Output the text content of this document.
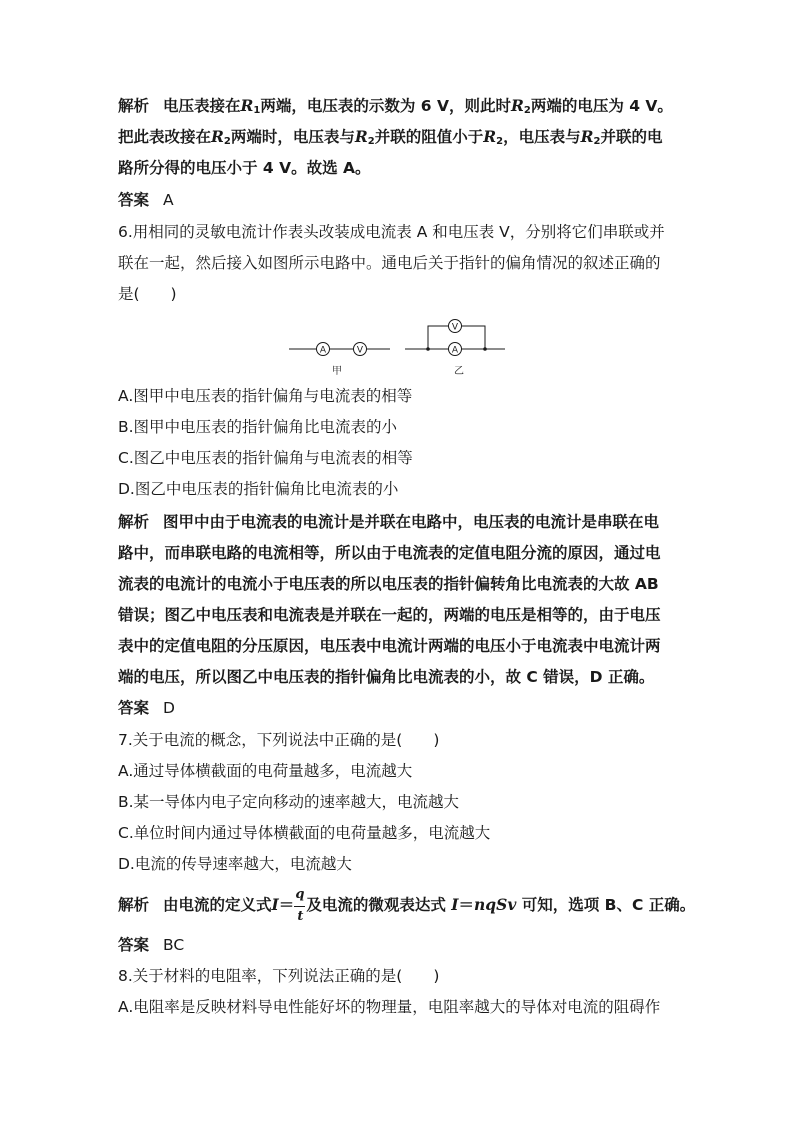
解析 电压表接在$R_1$两端，电压表的示数为 6 V，则此时$R_2$两端的电压为 4 V。
把此表改接在$R_2$两端时，电压表与$R_2$并联的阻值小于$R_2$，电压表与$R_2$并联的电
路所分得的电压小于 4 V。故选 A。
答案 A
6.用相同的灵敏电流计作表头改装成电流表 A 和电压表 V，分别将它们串联或并
联在一起，然后接入如图所示电路中。通电后关于指针的偏角情况的叙述正确的
是(　　)
A	V
甲
V
A
乙
A.图甲中电压表的指针偏角与电流表的相等
B.图甲中电压表的指针偏角比电流表的小
C.图乙中电压表的指针偏角与电流表的相等
D.图乙中电压表的指针偏角比电流表的小
解析 图甲中由于电流表的电流计是并联在电路中，电压表的电流计是串联在电
路中，而串联电路的电流相等，所以由于电流表的定值电阻分流的原因，通过电
流表的电流计的电流小于电压表的所以电压表的指针偏转角比电流表的大故 AB
错误；图乙中电压表和电流表是并联在一起的，两端的电压是相等的，由于电压
表中的定值电阻的分压原因，电压表中电流计两端的电压小于电流表中电流计两
端的电压，所以图乙中电压表的指针偏角比电流表的小，故 C 错误，D 正确。
答案 D
7.关于电流的概念，下列说法中正确的是(　　)
A.通过导体横截面的电荷量越多，电流越大
B.某一导体内电子定向移动的速率越大，电流越大
C.单位时间内通过导体横截面的电荷量越多，电流越大
D.电流的传导速率越大，电流越大
解析 由电流的定义式$I= \frac{q}{t}$ 及电流的微观表达式 I＝nqSv 可知，选项 B、C 正确。
答案 BC
8.关于材料的电阻率，下列说法正确的是(　　)
A.电阻率是反映材料导电性能好坏的物理量，电阻率越大的导体对电流的阻碍作
